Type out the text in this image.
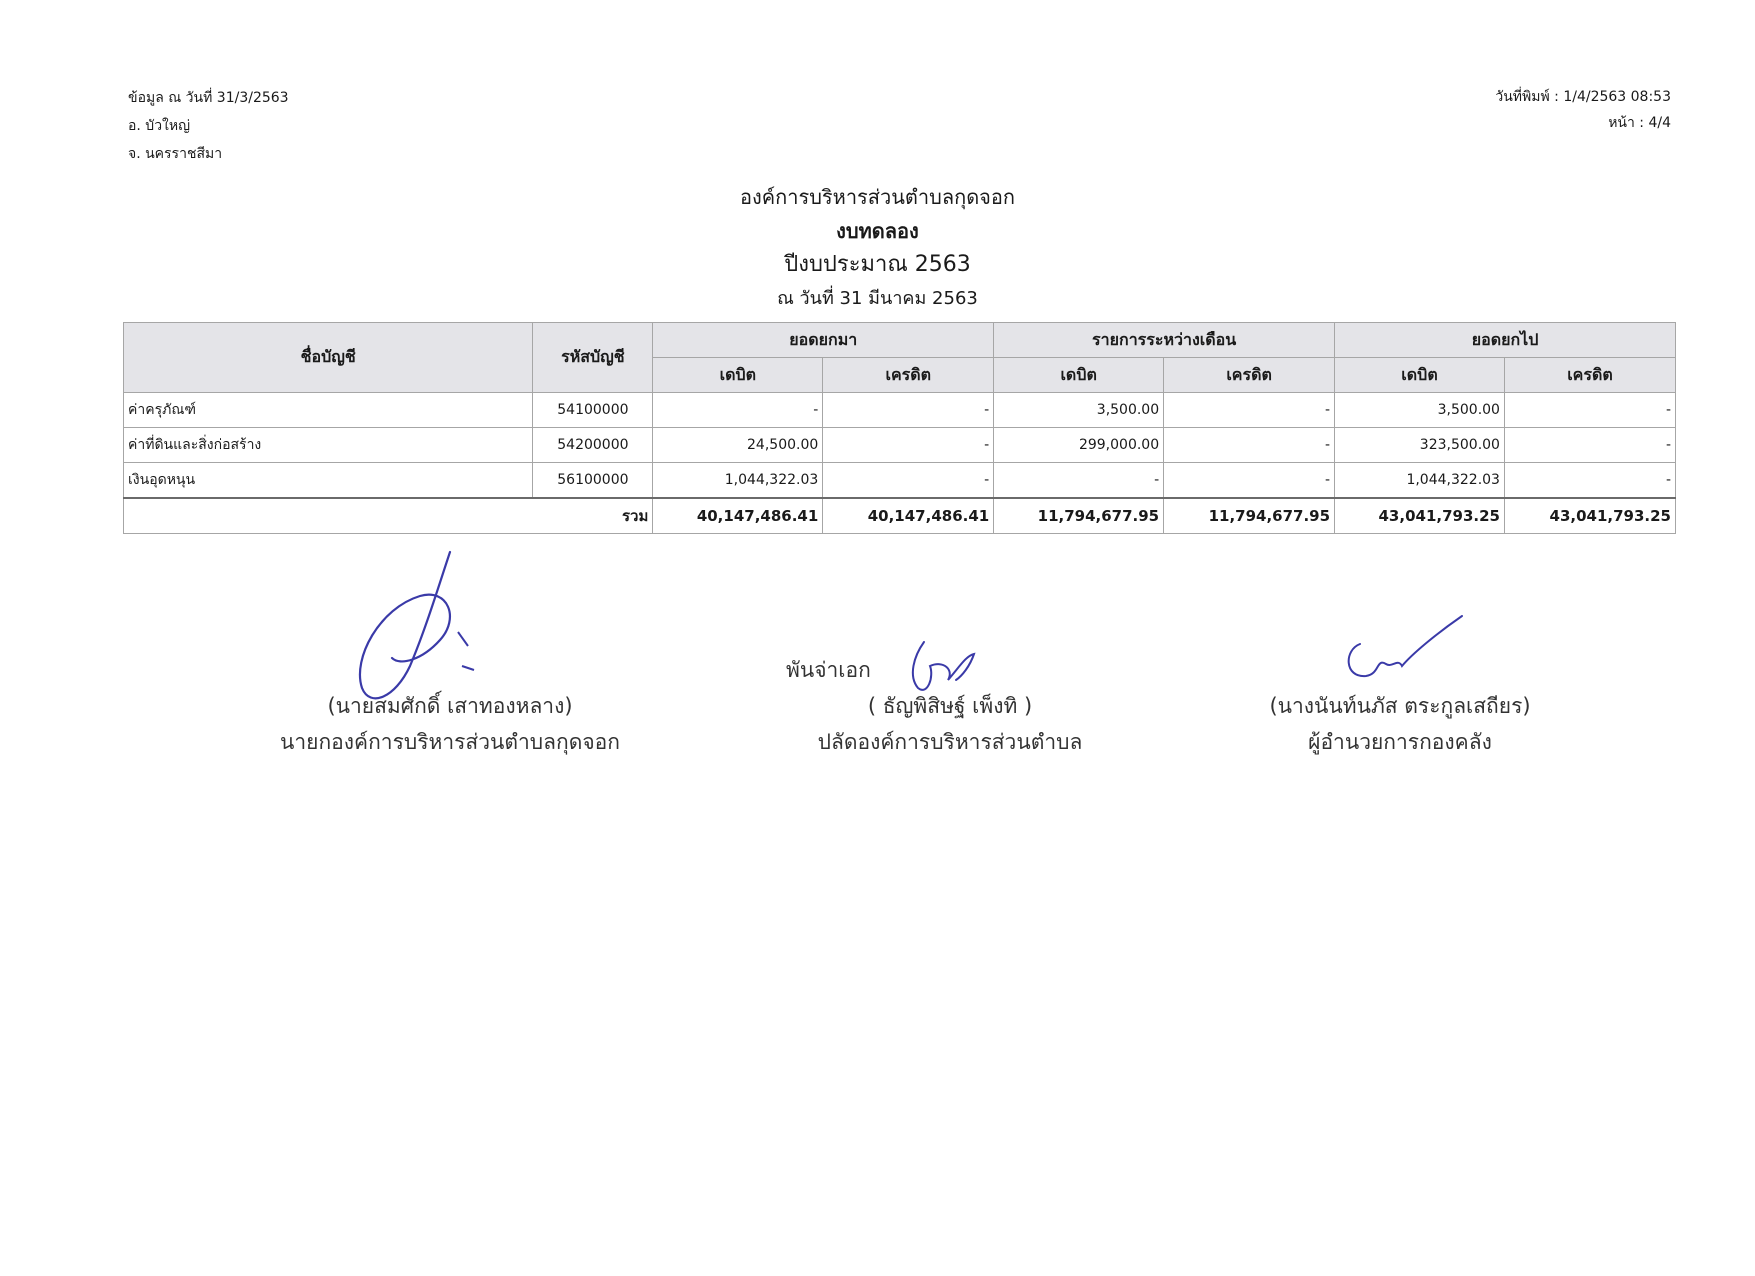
ข้อมูล ณ วันที่ 31/3/2563
อ. บัวใหญ่
จ. นครราชสีมา
วันที่พิมพ์ : 1/4/2563 08:53
หน้า : 4/4
องค์การบริหารส่วนตำบลกุดจอก
งบทดลอง
ปีงบประมาณ 2563
ณ วันที่ 31 มีนาคม 2563
ชื่อบัญชี	รหัสบัญชี	ยอดยกมา		รายการระหว่างเดือน		ยอดยกไป	
		เดบิต	เครดิต	เดบิต	เครดิต	เดบิต	เครดิต
ค่าครุภัณฑ์	54100000	-	-	3,500.00	-	3,500.00	-
ค่าที่ดินและสิ่งก่อสร้าง	54200000	24,500.00	-	299,000.00	-	323,500.00	-
เงินอุดหนุน	56100000	1,044,322.03	-	-	-	1,044,322.03	-
รวม		40,147,486.41	40,147,486.41	11,794,677.95	11,794,677.95	43,041,793.25	43,041,793.25
พันจ่าเอก
(นายสมศักดิ์ เสาทองหลาง)
นายกองค์การบริหารส่วนตำบลกุดจอก
( ธัญพิสิษฐ์ เพ็งทิ )
ปลัดองค์การบริหารส่วนตำบล
(นางนันท์นภัส ตระกูลเสถียร)
ผู้อำนวยการกองคลัง
